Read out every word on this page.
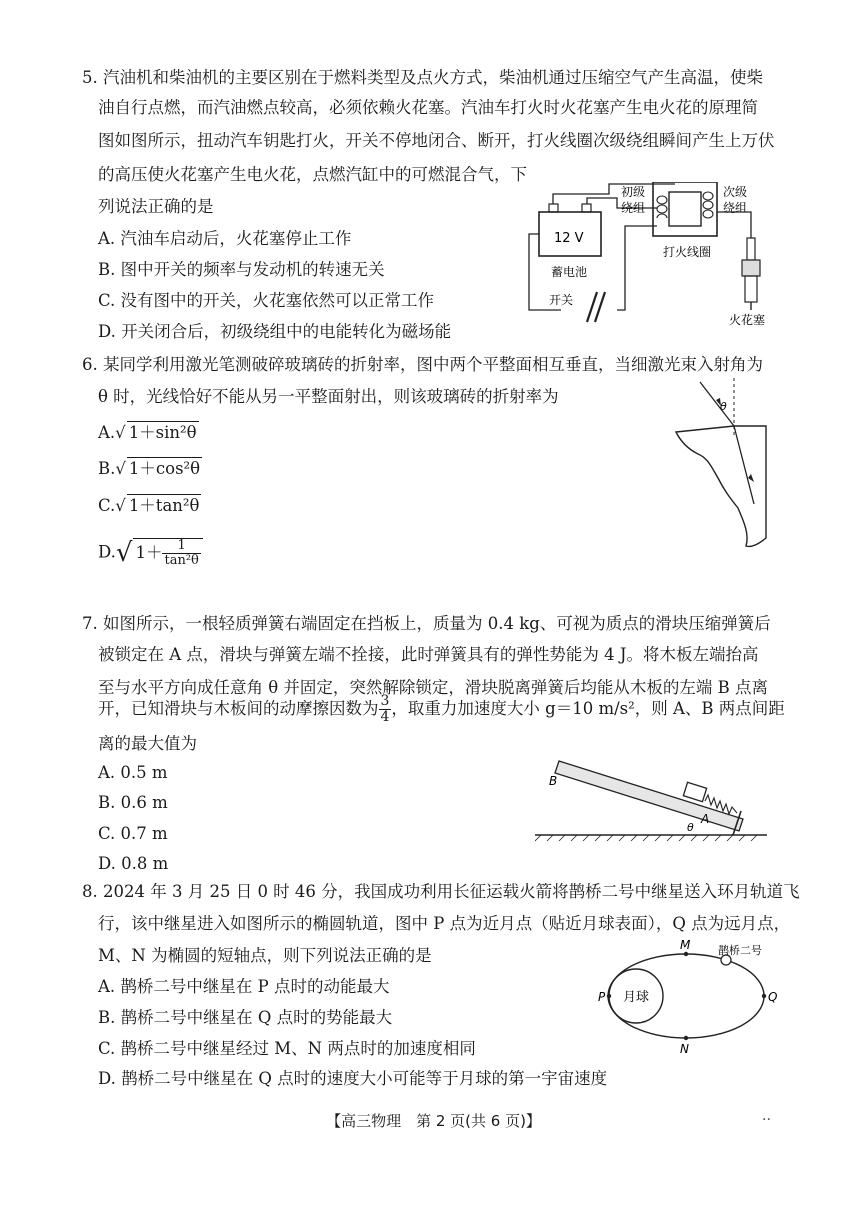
5. 汽油机和柴油机的主要区别在于燃料类型及点火方式，柴油机通过压缩空气产生高温，使柴
油自行点燃，而汽油燃点较高，必须依赖火花塞。汽油车打火时火花塞产生电火花的原理简
图如图所示，扭动汽车钥匙打火，开关不停地闭合、断开，打火线圈次级绕组瞬间产生上万伏
的高压使火花塞产生电火花，点燃汽缸中的可燃混合气，下
列说法正确的是
A. 汽油车启动后，火花塞停止工作
B. 图中开关的频率与发动机的转速无关
C. 没有图中的开关，火花塞依然可以正常工作
D. 开关闭合后，初级绕组中的电能转化为磁场能
12 V
蓄电池
开关
初级
绕组
次级
绕组
打火线圈
火花塞
6. 某同学利用激光笔测破碎玻璃砖的折射率，图中两个平整面相互垂直，当细激光束入射角为
θ 时，光线恰好不能从另一平整面射出，则该玻璃砖的折射率为
A.√ 1＋sin²θ
B.√ 1＋cos²θ
C.√ 1＋tan²θ
D.√ $1+ \frac{1}{\text{tan²θ}}$
θ
7. 如图所示，一根轻质弹簧右端固定在挡板上，质量为 0.4 kg、可视为质点的滑块压缩弹簧后
被锁定在 A 点，滑块与弹簧左端不拴接，此时弹簧具有的弹性势能为 4 J。将木板左端抬高
至与水平方向成任意角 θ 并固定，突然解除锁定，滑块脱离弹簧后均能从木板的左端 B 点离
开，已知滑块与木板间的动摩擦因数为 $\frac{3}{4}$ ，取重力加速度大小 g＝10 m/s²，则 A、B 两点间距
离的最大值为
A. 0.5 m
B. 0.6 m
C. 0.7 m
D. 0.8 m
B
A
θ
8. 2024 年 3 月 25 日 0 时 46 分，我国成功利用长征运载火箭将鹊桥二号中继星送入环月轨道飞
行，该中继星进入如图所示的椭圆轨道，图中 P 点为近月点（贴近月球表面），Q 点为远月点，
M、N 为椭圆的短轴点，则下列说法正确的是
A. 鹊桥二号中继星在 P 点时的动能最大
B. 鹊桥二号中继星在 Q 点时的势能最大
C. 鹊桥二号中继星经过 M、N 两点时的加速度相同
D. 鹊桥二号中继星在 Q 点时的速度大小可能等于月球的第一宇宙速度
月球
鹊桥二号
P	Q
M
N
【高三物理　第 2 页(共 6 页)】	··
